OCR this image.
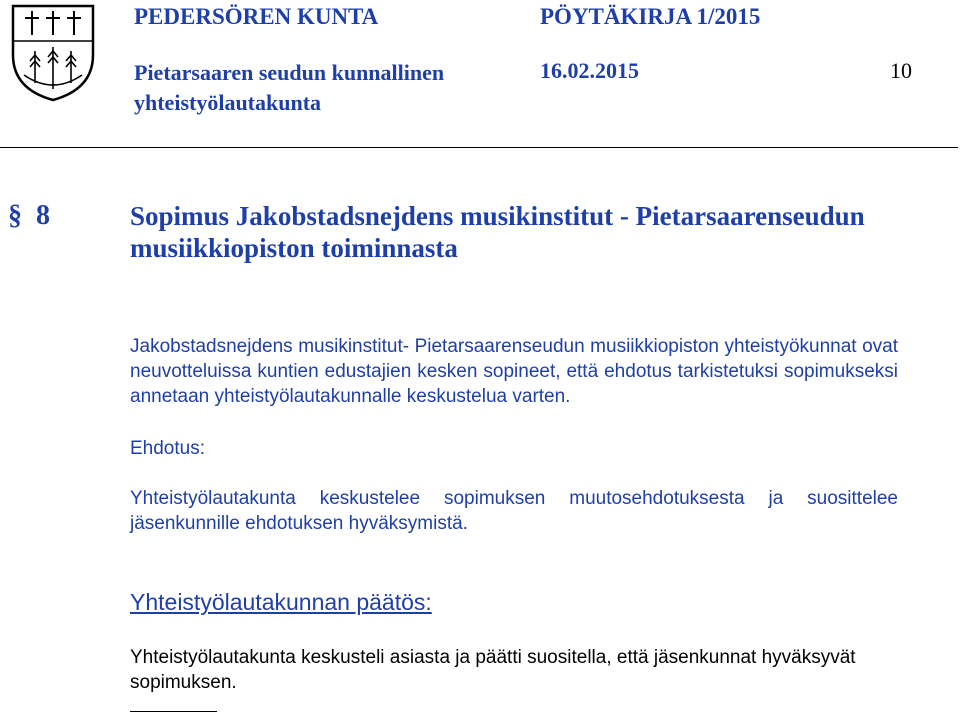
PEDERSÖREN KUNTA
Pietarsaaren seudun kunnallinen yhteistyölautakunta
PÖYTÄKIRJA 1/2015
16.02.2015	10
§ 8	Sopimus Jakobstadsnejdens musikinstitut - Pietarsaarenseudun musiikkiopiston toiminnasta
Jakobstadsnejdens musikinstitut- Pietarsaarenseudun musiikkiopiston yhteistyökunnat ovat neuvotteluissa kuntien edustajien kesken sopineet, että ehdotus tarkistetuksi sopimukseksi annetaan yhteistyölautakunnalle keskustelua varten.
Ehdotus:
Yhteistyölautakunta keskustelee sopimuksen muutosehdotuksesta ja suosittelee jäsenkunnille ehdotuksen hyväksymistä.
Yhteistyölautakunnan päätös:
Yhteistyölautakunta keskusteli asiasta ja päätti suositella, että jäsenkunnat hyväksyvät sopimuksen.
